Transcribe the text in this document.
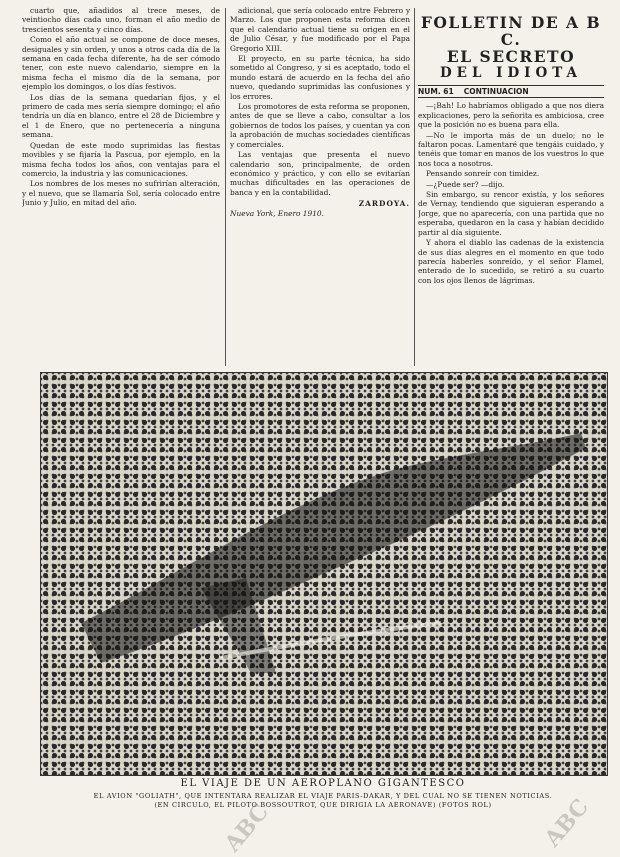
cuarto que, añadidos al trece meses, de veintiocho días cada uno, forman el año medio de trescientos sesenta y cinco días.

Como el año actual se compone de doce meses, desiguales y sin orden, y unos a otros cada día de la semana en cada fecha diferente, ha de ser cómodo tener, con este nuevo calendario, siempre en la misma fecha el mismo día de la semana, por ejemplo los domingos, o los días festivos.

Los días de la semana quedarían fijos, y el primero de cada mes sería siempre domingo; el año tendría un día en blanco, entre el 28 de Diciembre y el 1 de Enero, que no pertenecería a ninguna semana.

Quedan de este modo suprimidas las fiestas movibles y se fijaría la Pascua, por ejemplo, en la misma fecha todos los años, con ventajas para el comercio, la industria y las comunicaciones.

Los nombres de los meses no sufrirían alteración, y el nuevo, que se llamaría Sol, sería colocado entre Junio y Julio, en mitad del año.

adicional, que sería colocado entre Febrero y Marzo. Los que proponen esta reforma dicen que el calendario actual tiene su origen en el de Julio César, y fue modificado por el Papa Gregorio XIII.

El proyecto, en su parte técnica, ha sido sometido al Congreso, y si es aceptado, todo el mundo estará de acuerdo en la fecha del año nuevo, quedando suprimidas las confusiones y los errores.

Los promotores de esta reforma se proponen, antes de que se lleve a cabo, consultar a los gobiernos de todos los países, y cuentan ya con la aprobación de muchas sociedades científicas y comerciales.

Las ventajas que presenta el nuevo calendario son, principalmente, de orden económico y práctico, y con ello se evitarían muchas dificultades en las operaciones de banca y en la contabilidad.

ZARDOYA.
Nueva York, Enero 1910.
FOLLETIN DE A B C.
EL SECRETO
DEL IDIOTA
NUM. 61 CONTINUACION

—¡Bah! Lo habríamos obligado a que nos diera explicaciones, pero la señorita es ambiciosa, cree que la posición no es buena para ella.

—No le importa más de un duelo; no le faltaron pocas. Lamentaré que tengáis cuidado, y tenéis que tomar en manos de los vuestros lo que nos toca a nosotros.

Pensando sonreír con timidez.

—¿Puede ser? —dijo.

Sin embargo, su rencor existía, y los señores de Vernay, tendiendo que siguieran esperando a Jorge, que no aparecería, con una partida que no esperaba, quedaron en la casa y habían decidido partir al día siguiente.

Y ahora el diablo las cadenas de la existencia de sus días alegres en el momento en que todo parecía haberles sonreído, y el señor Flamel, enterado de lo sucedido, se retiró a su cuarto con los ojos llenos de lágrimas.

EL VIAJE DE UN AEROPLANO GIGANTESCO
EL AVION "GOLIATH", QUE INTENTARA REALIZAR EL VIAJE PARIS-DAKAR, Y DEL CUAL NO SE TIENEN NOTICIAS.
(EN CIRCULO, EL PILOTO BOSSOUTROT, QUE DIRIGIA LA AERONAVE) (FOTOS ROL)
ABC	ABC
